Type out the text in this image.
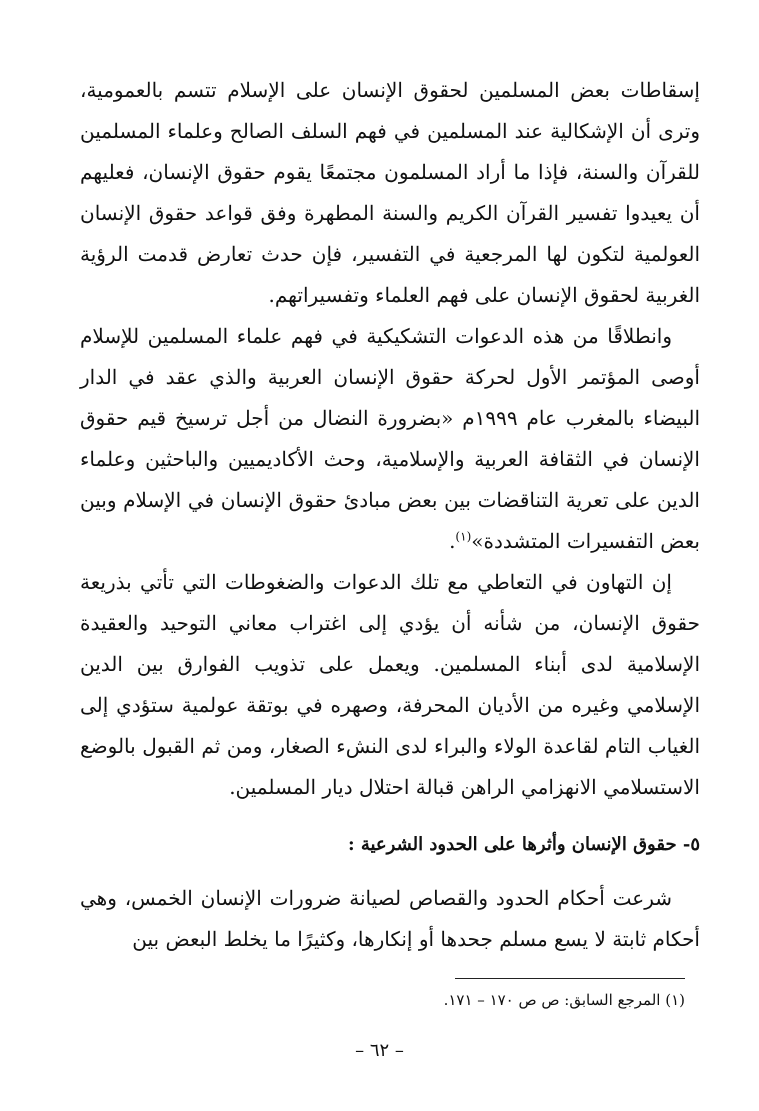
إسقاطات بعض المسلمين لحقوق الإنسان على الإسلام تتسم بالعمومية، وترى أن الإشكالية عند المسلمين في فهم السلف الصالح وعلماء المسلمين للقرآن والسنة، فإذا ما أراد المسلمون مجتمعًا يقوم حقوق الإنسان، فعليهم أن يعيدوا تفسير القرآن الكريم والسنة المطهرة وفق قواعد حقوق الإنسان العولمية لتكون لها المرجعية في التفسير، فإن حدث تعارض قدمت الرؤية الغربية لحقوق الإنسان على فهم العلماء وتفسيراتهم.

وانطلاقًا من هذه الدعوات التشكيكية في فهم علماء المسلمين للإسلام أوصى المؤتمر الأول لحركة حقوق الإنسان العربية والذي عقد في الدار البيضاء بالمغرب عام ١٩٩٩م «بضرورة النضال من أجل ترسيخ قيم حقوق الإنسان في الثقافة العربية والإسلامية، وحث الأكاديميين والباحثين وعلماء الدين على تعرية التناقضات بين بعض مبادئ حقوق الإنسان في الإسلام وبين بعض التفسيرات المتشددة»$^{(١)}$.

إن التهاون في التعاطي مع تلك الدعوات والضغوطات التي تأتي بذريعة حقوق الإنسان، من شأنه أن يؤدي إلى اغتراب معاني التوحيد والعقيدة الإسلامية لدى أبناء المسلمين. ويعمل على تذويب الفوارق بين الدين الإسلامي وغيره من الأديان المحرفة، وصهره في بوتقة عولمية ستؤدي إلى الغياب التام لقاعدة الولاء والبراء لدى النشء الصغار، ومن ثم القبول بالوضع الاستسلامي الانهزامي الراهن قبالة احتلال ديار المسلمين.

٥- حقوق الإنسان وأثرها على الحدود الشرعية :

شرعت أحكام الحدود والقصاص لصيانة ضرورات الإنسان الخمس، وهي أحكام ثابتة لا يسع مسلم جحدها أو إنكارها، وكثيرًا ما يخلط البعض بين

(١) المرجع السابق: ص ص ١٧٠ – ١٧١.

– ٦٢ –
